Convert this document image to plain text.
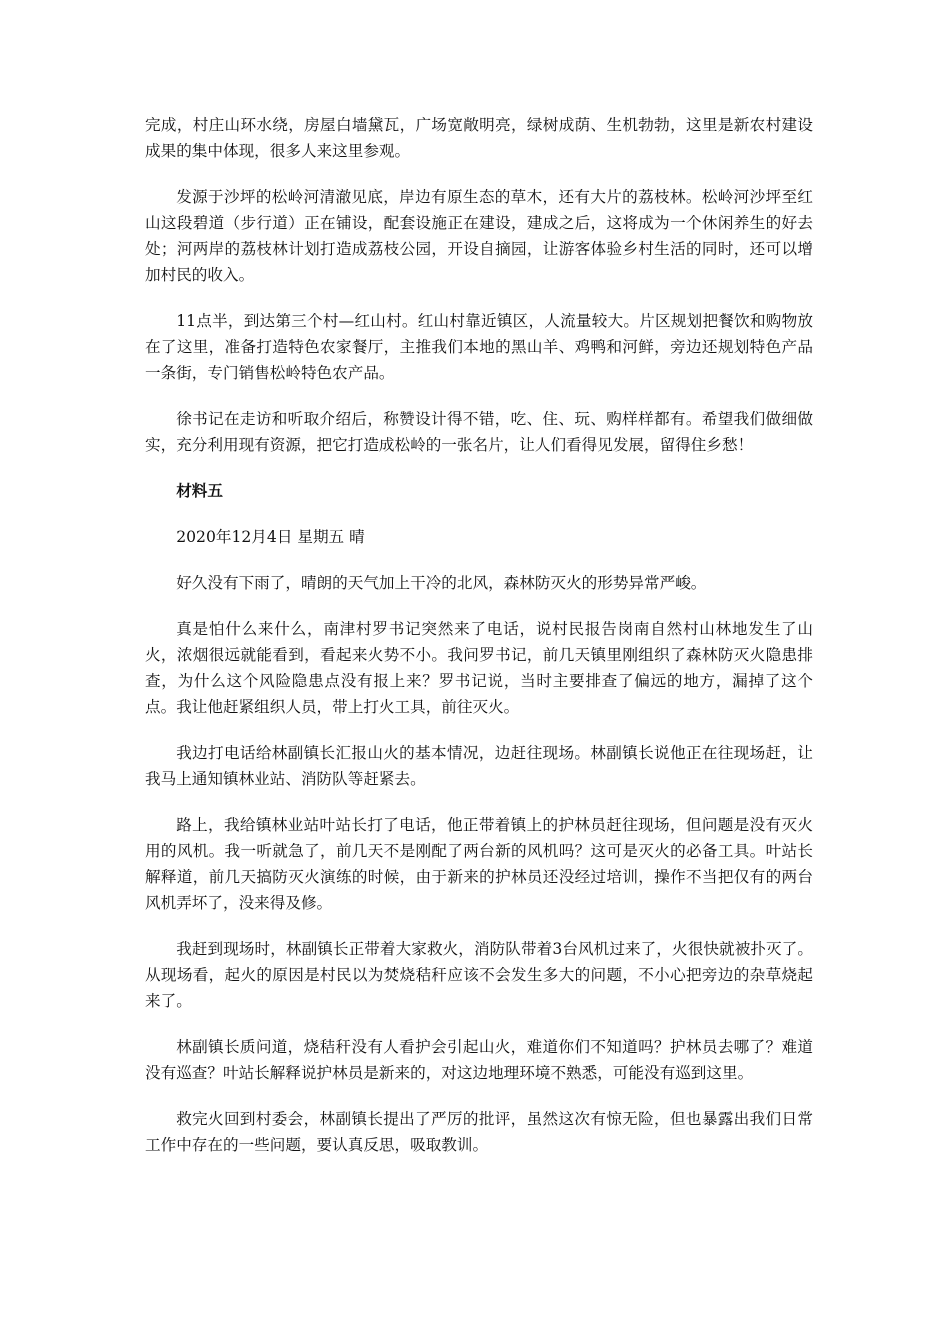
完成，村庄山环水绕，房屋白墙黛瓦，广场宽敞明亮，绿树成荫、生机勃勃，这里是新农村建设成果的集中体现，很多人来这里参观。

发源于沙坪的松岭河清澈见底，岸边有原生态的草木，还有大片的荔枝林。松岭河沙坪至红山这段碧道（步行道）正在铺设，配套设施正在建设，建成之后，这将成为一个休闲养生的好去处；河两岸的荔枝林计划打造成荔枝公园，开设自摘园，让游客体验乡村生活的同时，还可以增加村民的收入。

11点半，到达第三个村—红山村。红山村靠近镇区，人流量较大。片区规划把餐饮和购物放在了这里，准备打造特色农家餐厅，主推我们本地的黑山羊、鸡鸭和河鲜，旁边还规划特色产品一条街，专门销售松岭特色农产品。

徐书记在走访和听取介绍后，称赞设计得不错，吃、住、玩、购样样都有。希望我们做细做实，充分利用现有资源，把它打造成松岭的一张名片，让人们看得见发展，留得住乡愁！

材料五

2020年12月4日 星期五 晴

好久没有下雨了，晴朗的天气加上干冷的北风，森林防灭火的形势异常严峻。

真是怕什么来什么，南津村罗书记突然来了电话，说村民报告岗南自然村山林地发生了山火，浓烟很远就能看到，看起来火势不小。我问罗书记，前几天镇里刚组织了森林防灭火隐患排查，为什么这个风险隐患点没有报上来？罗书记说，当时主要排查了偏远的地方，漏掉了这个点。我让他赶紧组织人员，带上打火工具，前往灭火。

我边打电话给林副镇长汇报山火的基本情况，边赶往现场。林副镇长说他正在往现场赶，让我马上通知镇林业站、消防队等赶紧去。

路上，我给镇林业站叶站长打了电话，他正带着镇上的护林员赶往现场，但问题是没有灭火用的风机。我一听就急了，前几天不是刚配了两台新的风机吗？这可是灭火的必备工具。叶站长解释道，前几天搞防灭火演练的时候，由于新来的护林员还没经过培训，操作不当把仅有的两台风机弄坏了，没来得及修。

我赶到现场时，林副镇长正带着大家救火，消防队带着3台风机过来了，火很快就被扑灭了。从现场看，起火的原因是村民以为焚烧秸秆应该不会发生多大的问题，不小心把旁边的杂草烧起来了。

林副镇长质问道，烧秸秆没有人看护会引起山火，难道你们不知道吗？护林员去哪了？难道没有巡查？叶站长解释说护林员是新来的，对这边地理环境不熟悉，可能没有巡到这里。

救完火回到村委会，林副镇长提出了严厉的批评，虽然这次有惊无险，但也暴露出我们日常工作中存在的一些问题，要认真反思，吸取教训。
